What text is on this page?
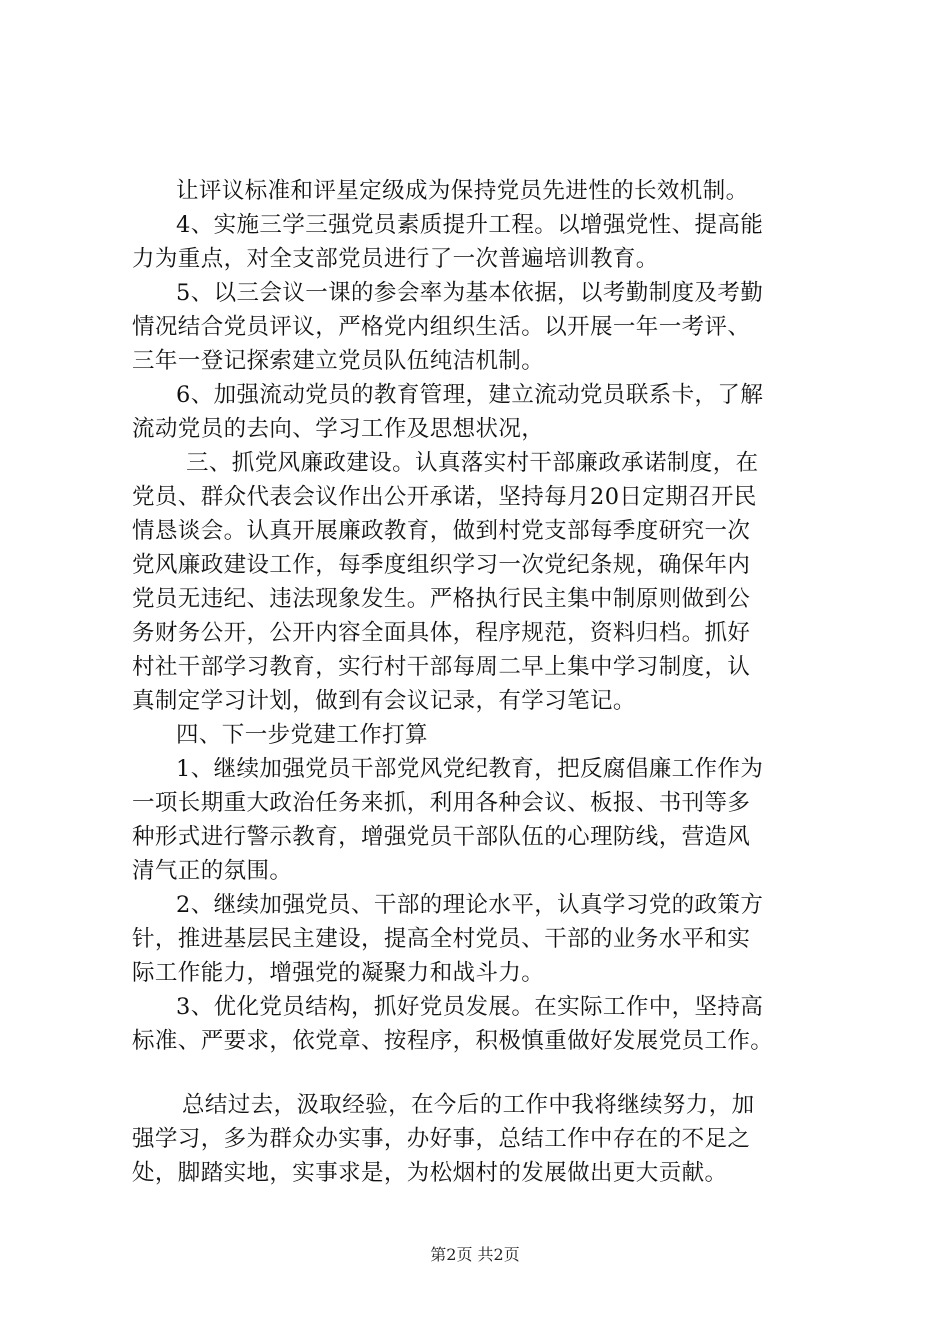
让评议标准和评星定级成为保持党员先进性的长效机制。
4、实施三学三强党员素质提升工程。以增强党性、提高能
力为重点，对全支部党员进行了一次普遍培训教育。
5、以三会议一课的参会率为基本依据，以考勤制度及考勤
情况结合党员评议，严格党内组织生活。以开展一年一考评、
三年一登记探索建立党员队伍纯洁机制。
6、加强流动党员的教育管理，建立流动党员联系卡，了解
流动党员的去向、学习工作及思想状况，
三、抓党风廉政建设。认真落实村干部廉政承诺制度，在
党员、群众代表会议作出公开承诺，坚持每月20日定期召开民
情恳谈会。认真开展廉政教育，做到村党支部每季度研究一次
党风廉政建设工作，每季度组织学习一次党纪条规，确保年内
党员无违纪、违法现象发生。严格执行民主集中制原则做到公
务财务公开，公开内容全面具体，程序规范，资料归档。抓好
村社干部学习教育，实行村干部每周二早上集中学习制度，认
真制定学习计划，做到有会议记录，有学习笔记。
四、下一步党建工作打算
1、继续加强党员干部党风党纪教育，把反腐倡廉工作作为
一项长期重大政治任务来抓，利用各种会议、板报、书刊等多
种形式进行警示教育，增强党员干部队伍的心理防线，营造风
清气正的氛围。
2、继续加强党员、干部的理论水平，认真学习党的政策方
针，推进基层民主建设，提高全村党员、干部的业务水平和实
际工作能力，增强党的凝聚力和战斗力。
3、优化党员结构，抓好党员发展。在实际工作中，坚持高
标准、严要求，依党章、按程序，积极慎重做好发展党员工作。
总结过去，汲取经验，在今后的工作中我将继续努力，加
强学习，多为群众办实事，办好事，总结工作中存在的不足之
处，脚踏实地，实事求是，为松烟村的发展做出更大贡献。
第2页 共2页
